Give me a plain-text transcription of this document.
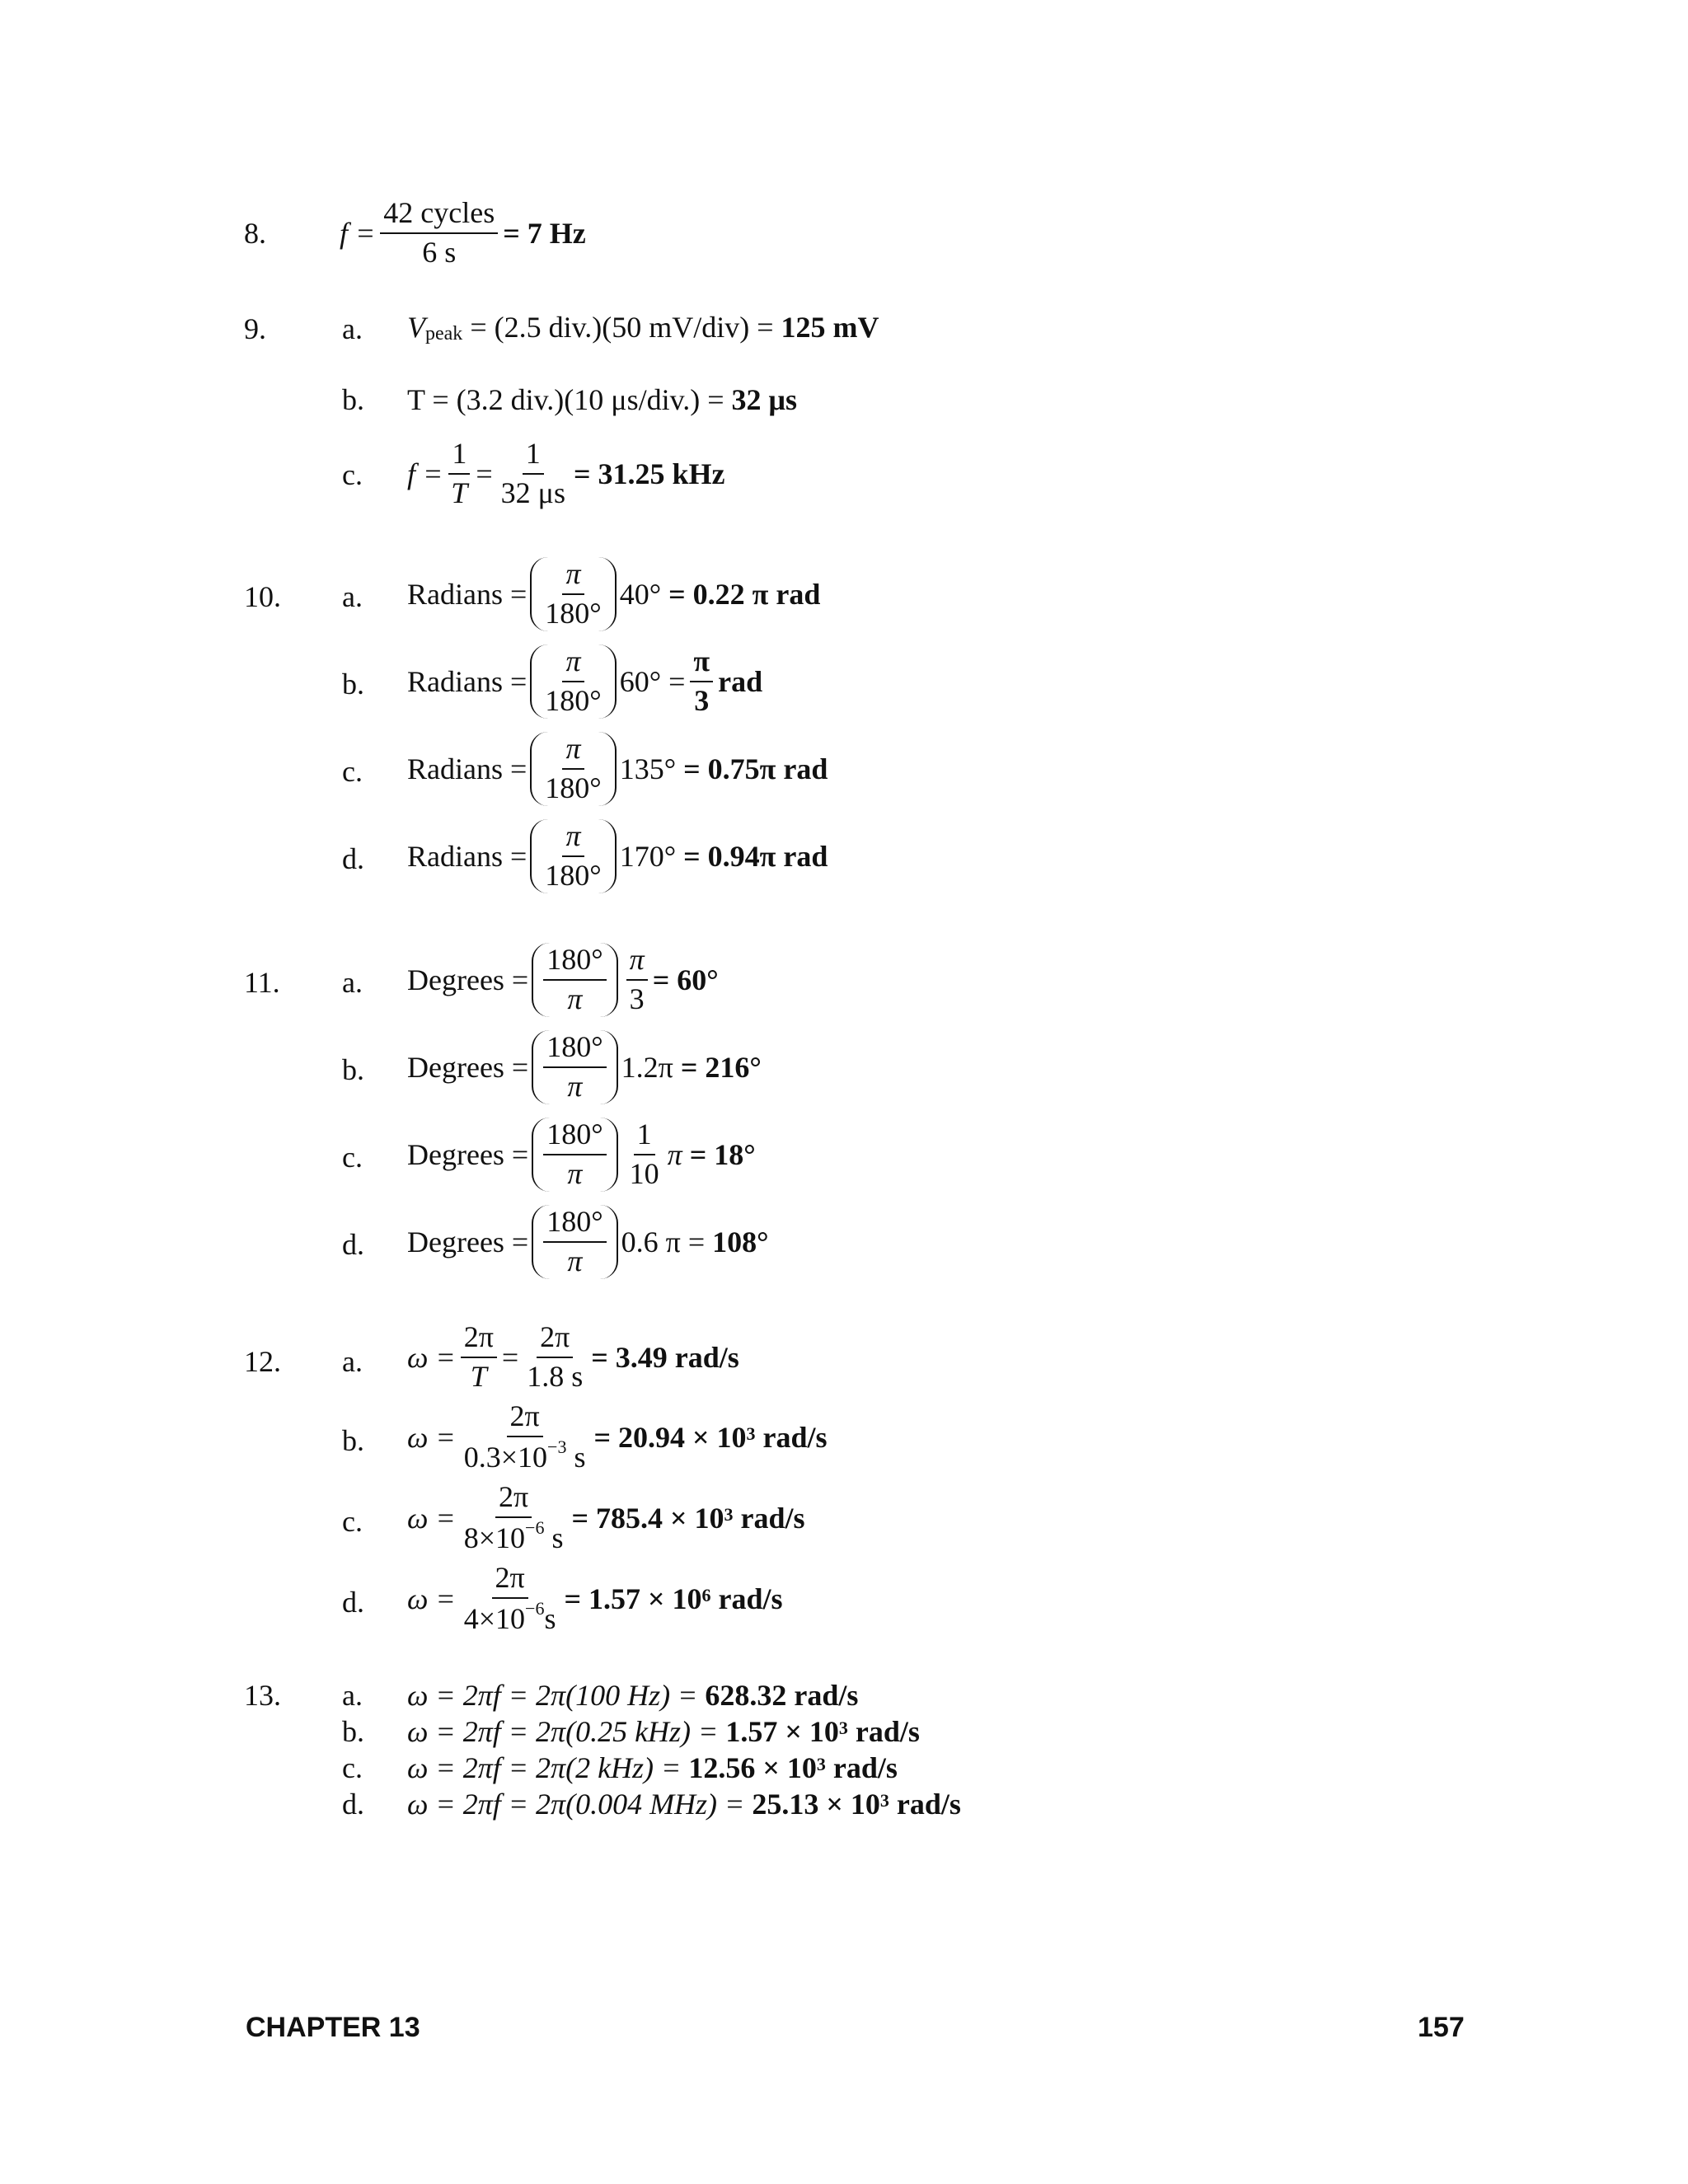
8. $f = \frac{\text{42 cycles}}{6 s} = 7$ Hz
9.	a. V peak
= (2.5 div.)(50 mV/div) =
125 mV
b. T = (3.2 div.)(10 μs/div.) =
32 μs
c. $f = \frac{1}{T} = \frac{1}{32 \mu s} = 31.25$ kHz
10. a. Radians = $\frac{\pi}{180^\circ} 40^\circ$
= 0.22 π rad
b. Radians = $\frac{\pi}{180^\circ} 60^\circ$
= $\frac{\pi}{3}$ rad
c. Radians = $\frac{\pi}{180^\circ} 135^\circ$
= 0.75π rad
d. Radians = $\frac{\pi}{180^\circ} 170^\circ$
= 0.94π rad
11. a. Degrees = $\frac{180^\circ}{\pi} \frac{\pi}{3} = 60^\circ$
b. Degrees = $\frac{180^\circ}{\pi} 1.2\pi$
= 216°
c. Degrees = $\frac{180^\circ}{\pi} \frac{1}{10}$ π
= 18°
d. Degrees = $\frac{180^\circ}{\pi} 0.6$ π =
108°
12. a. $\omega = \frac{2\pi}{T} = \frac{2\pi}{1.8 s} = 3.49$ rad/s
b. $\omega = \frac{2\pi}{0.3\times 10^{-3} s} = 20.94 \times 10^3$
rad/s
c. $\omega = \frac{2\pi}{8\times 10^{-6} s} = 785.4 \times 10^3$
rad/s
d. $\omega = \frac{2\pi}{4\times 10^{-6}s} = 1.57 \times 10^6$
rad/s
13. a. ω = 2πf = 2π(100 Hz) =
628.32 rad/s
b. ω = 2πf = 2π(0.25 kHz) =
$1.57 \times 10^3$
rad/s
c. ω = 2πf = 2π(2 kHz) =
$12.56 \times 10^3$
rad/s
d. ω = 2πf = 2π(0.004 MHz) =
$25.13 \times 10^3$
rad/s
CHAPTER 13	157
